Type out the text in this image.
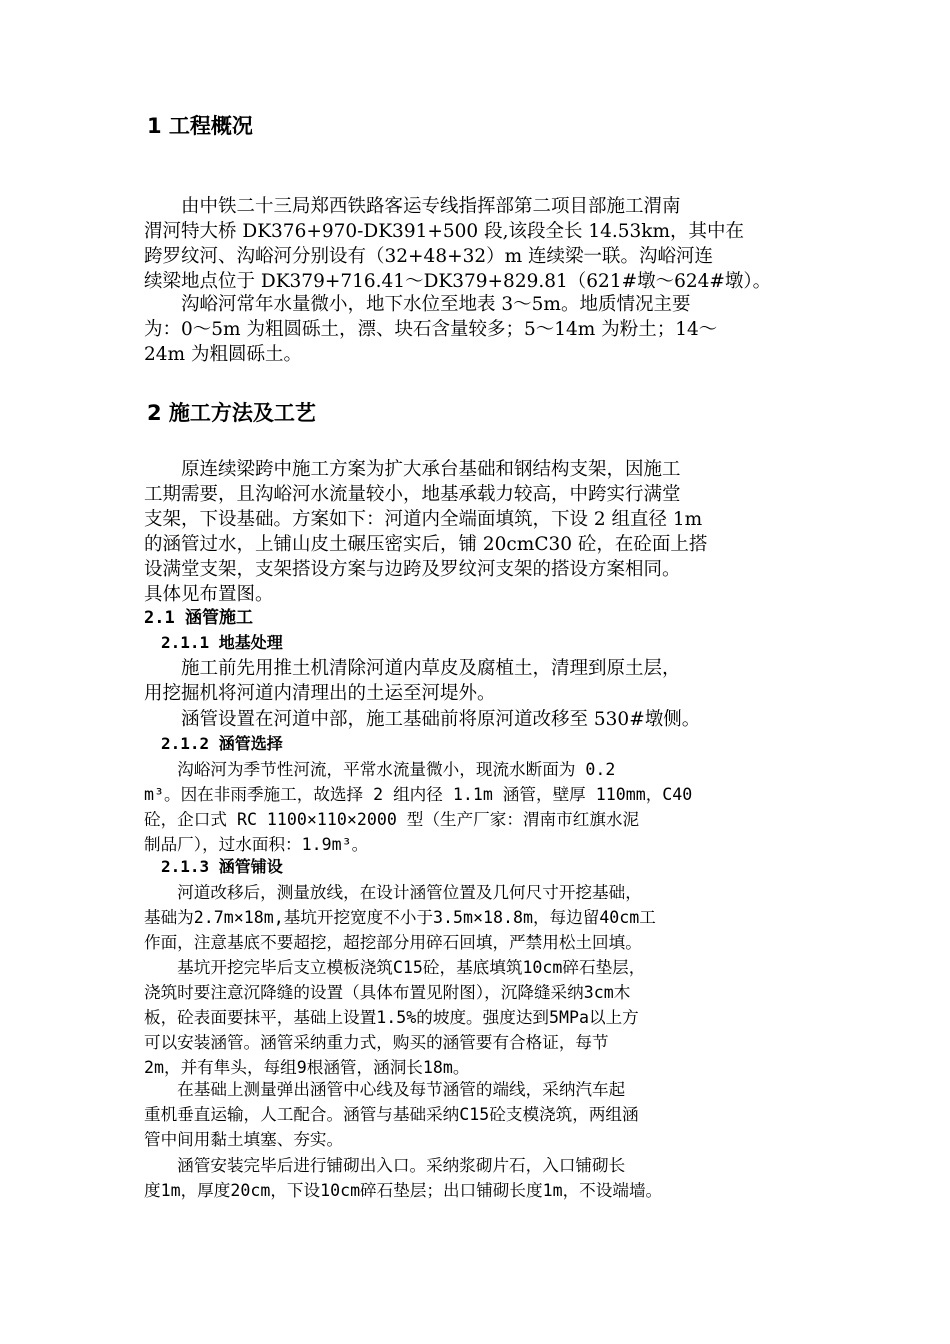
1 工程概况
　　由中铁二十三局郑西铁路客运专线指挥部第二项目部施工渭南
渭河特大桥 DK376+970-DK391+500 段,该段全长 14.53km，其中在
跨罗纹河、沟峪河分别设有（32+48+32）m 连续梁一联。沟峪河连
续梁地点位于 DK379+716.41～DK379+829.81（621#墩～624#墩）。
　　沟峪河常年水量微小，地下水位至地表 3～5m。地质情况主要
为：0～5m 为粗圆砾土，漂、块石含量较多；5～14m 为粉土；14～
24m 为粗圆砾土。
2 施工方法及工艺
　　原连续梁跨中施工方案为扩大承台基础和钢结构支架，因施工
工期需要，且沟峪河水流量较小，地基承载力较高，中跨实行满堂
支架，下设基础。方案如下：河道内全端面填筑，下设 2 组直径 1m
的涵管过水，上铺山皮土碾压密实后，铺 20cmC30 砼，在砼面上搭
设满堂支架，支架搭设方案与边跨及罗纹河支架的搭设方案相同。
具体见布置图。
2.1 涵管施工
2.1.1 地基处理
　　施工前先用推土机清除河道内草皮及腐植土，清理到原土层，
用挖掘机将河道内清理出的土运至河堤外。
　　涵管设置在河道中部，施工基础前将原河道改移至 530#墩侧。
2.1.2 涵管选择
　　沟峪河为季节性河流，平常水流量微小，现流水断面为 0.2
m³。因在非雨季施工，故选择 2 组内径 1.1m 涵管，壁厚 110mm，C40
砼，企口式 RC 1100×110×2000 型（生产厂家：渭南市红旗水泥
制品厂），过水面积：1.9m³。
2.1.3 涵管铺设
　　河道改移后，测量放线，在设计涵管位置及几何尺寸开挖基础，
基础为2.7m×18m,基坑开挖宽度不小于3.5m×18.8m，每边留40cm工
作面，注意基底不要超挖，超挖部分用碎石回填，严禁用松土回填。
　　基坑开挖完毕后支立模板浇筑C15砼，基底填筑10cm碎石垫层，
浇筑时要注意沉降缝的设置（具体布置见附图），沉降缝采纳3cm木
板，砼表面要抹平，基础上设置1.5%的坡度。强度达到5MPa以上方
可以安装涵管。涵管采纳重力式，购买的涵管要有合格证，每节
2m，并有隼头，每组9根涵管，涵洞长18m。
　　在基础上测量弹出涵管中心线及每节涵管的端线，采纳汽车起
重机垂直运输，人工配合。涵管与基础采纳C15砼支模浇筑，两组涵
管中间用黏土填塞、夯实。
　　涵管安装完毕后进行铺砌出入口。采纳浆砌片石，入口铺砌长
度1m，厚度20cm，下设10cm碎石垫层；出口铺砌长度1m，不设端墙。
